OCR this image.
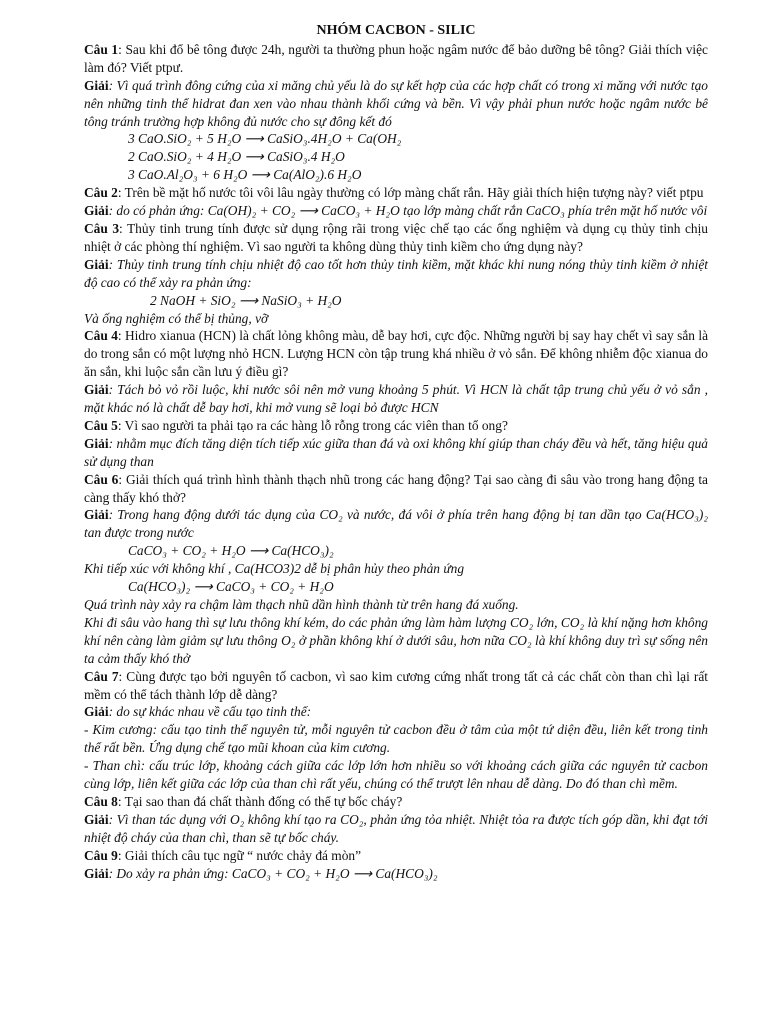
NHÓM CACBON - SILIC

Câu 1: Sau khi đổ bê tông được 24h, người ta thường phun hoặc ngâm nước để bảo dưỡng bê tông? Giải thích việc làm đó? Viết ptpư.

Giải: Vì quá trình đông cứng của xi măng chủ yếu là do sự kết hợp của các hợp chất có trong xi măng với nước tạo nên những tinh thể hidrat đan xen vào nhau thành khối cứng và bền. Vì vậy phải phun nước hoặc ngâm nước bê tông tránh trường hợp không đủ nước cho sự đông kết đó

3 CaO.SiO₂ + 5 H₂O ⟶ CaSiO₃.4H₂O + Ca(OH₂

2 CaO.SiO₂ + 4 H₂O ⟶ CaSiO₃.4 H₂O

3 CaO.Al₂O₃ + 6 H₂O ⟶ Ca(AlO₂).6 H₂O

Câu 2: Trên bề mặt hố nước tôi vôi lâu ngày thường có lớp màng chất rắn. Hãy giải thích hiện tượng này? viết ptpu

Giải: do có phản ứng: Ca(OH)₂ + CO₂ ⟶ CaCO₃ + H₂O tạo lớp màng chất rắn CaCO₃ phía trên mặt hố nước vôi

Câu 3: Thủy tinh trung tính được sử dụng rộng rãi trong việc chế tạo các ống nghiệm và dụng cụ thủy tinh chịu nhiệt ở các phòng thí nghiệm. Vì sao người ta không dùng thủy tinh kiềm cho ứng dụng này?

Giải: Thủy tinh trung tính chịu nhiệt độ cao tốt hơn thủy tinh kiềm, mặt khác khi nung nóng thủy tinh kiềm ở nhiệt độ cao có thể xảy ra phản ứng:

2 NaOH + SiO₂ ⟶ NaSiO₃ + H₂O

Và ống nghiệm có thể bị thủng, vỡ

Câu 4: Hidro xianua (HCN) là chất lỏng không màu, dễ bay hơi, cực độc. Những người bị say hay chết vì say sắn là do trong sắn có một lượng nhỏ HCN. Lượng HCN còn tập trung khá nhiều ở vỏ sắn. Để không nhiễm độc xianua do ăn sắn, khi luộc sắn cần lưu ý điều gì?

Giải: Tách bỏ vỏ rồi luộc, khi nước sôi nên mở vung khoảng 5 phút. Vì HCN là chất tập trung chủ yếu ở vỏ sắn , mặt khác nó là chất dễ bay hơi, khi mở vung sẽ loại bỏ được HCN

Câu 5: Vì sao người ta phải tạo ra các hàng lỗ rỗng trong các viên than tổ ong?

Giải: nhằm mục đích tăng diện tích tiếp xúc giữa than đá và oxi không khí giúp than cháy đều và hết, tăng hiệu quả sử dụng than

Câu 6: Giải thích quá trình hình thành thạch nhũ trong các hang động? Tại sao càng đi sâu vào trong hang động ta càng thấy khó thở?

Giải: Trong hang động dưới tác dụng của CO₂ và nước, đá vôi ở phía trên hang động bị tan dần tạo Ca(HCO₃)₂ tan được trong nước

CaCO₃ + CO₂ + H₂O ⟶ Ca(HCO₃)₂

Khi tiếp xúc với không khí , Ca(HCO3)2 dễ bị phân hủy theo phản ứng

Ca(HCO₃)₂ ⟶ CaCO₃ + CO₂ + H₂O

Quá trình này xảy ra chậm làm thạch nhũ dần hình thành từ trên hang đá xuống.

Khi đi sâu vào hang thì sự lưu thông khí kém, do các phản ứng làm hàm lượng CO₂ lớn, CO₂ là khí nặng hơn không khí nên càng làm giảm sự lưu thông O₂ ở phần không khí ở dưới sâu, hơn nữa CO₂ là khí không duy trì sự sống nên ta cảm thấy khó thở

Câu 7: Cùng được tạo bởi nguyên tố cacbon, vì sao kim cương cứng nhất trong tất cả các chất còn than chì lại rất mềm có thể tách thành lớp dễ dàng?

Giải: do sự khác nhau về cấu tạo tinh thể:

- Kim cương: cấu tạo tinh thể nguyên tử, mỗi nguyên tử cacbon đều ở tâm của một tứ diện đều, liên kết trong tinh thể rất bền. Ứng dụng chế tạo mũi khoan của kim cương.

- Than chì: cấu trúc lớp, khoảng cách giữa các lớp lớn hơn nhiều so với khoảng cách giữa các nguyên tử cacbon cùng lớp, liên kết giữa các lớp của than chì rất yếu, chúng có thể trượt lên nhau dễ dàng. Do đó than chì mềm.

Câu 8: Tại sao than đá chất thành đống có thể tự bốc cháy?

Giải: Vì than tác dụng với O₂ không khí tạo ra CO₂, phản ứng tỏa nhiệt. Nhiệt tỏa ra được tích góp dần, khi đạt tới nhiệt độ cháy của than chì, than sẽ tự bốc cháy.

Câu 9: Giải thích câu tục ngữ “ nước chảy đá mòn”

Giải: Do xảy ra phản ứng: CaCO₃ + CO₂ + H₂O ⟶ Ca(HCO₃)₂
